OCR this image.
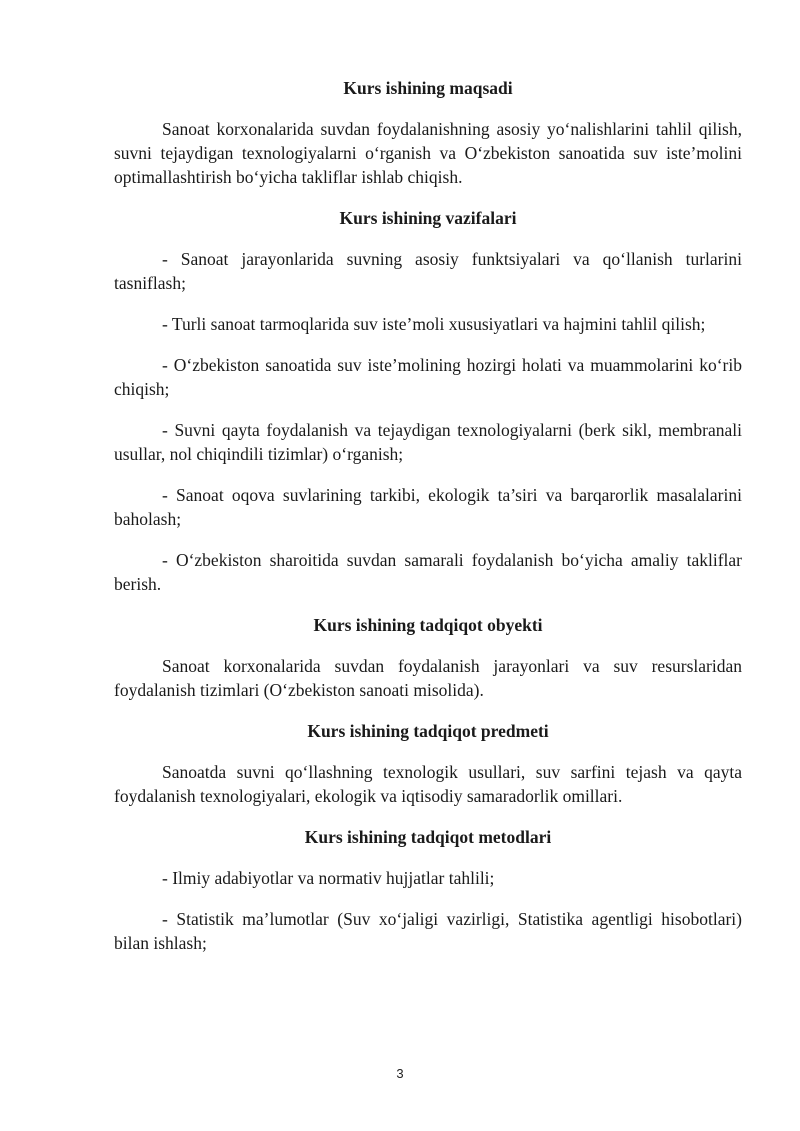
Kurs ishining maqsadi

Sanoat korxonalarida suvdan foydalanishning asosiy yo‘nalishlarini tahlil qilish, suvni tejaydigan texnologiyalarni o‘rganish va O‘zbekiston sanoatida suv iste’molini optimallashtirish bo‘yicha takliflar ishlab chiqish.

Kurs ishining vazifalari

- Sanoat jarayonlarida suvning asosiy funktsiyalari va qo‘llanish turlarini tasniflash;

- Turli sanoat tarmoqlarida suv iste’moli xususiyatlari va hajmini tahlil qilish;

- O‘zbekiston sanoatida suv iste’molining hozirgi holati va muammolarini ko‘rib chiqish;

- Suvni qayta foydalanish va tejaydigan texnologiyalarni (berk sikl, membranali usullar, nol chiqindili tizimlar) o‘rganish;

- Sanoat oqova suvlarining tarkibi, ekologik ta’siri va barqarorlik masalalarini baholash;

- O‘zbekiston sharoitida suvdan samarali foydalanish bo‘yicha amaliy takliflar berish.

Kurs ishining tadqiqot obyekti

Sanoat korxonalarida suvdan foydalanish jarayonlari va suv resurslaridan foydalanish tizimlari (O‘zbekiston sanoati misolida).

Kurs ishining tadqiqot predmeti

Sanoatda suvni qo‘llashning texnologik usullari, suv sarfini tejash va qayta foydalanish texnologiyalari, ekologik va iqtisodiy samaradorlik omillari.

Kurs ishining tadqiqot metodlari

- Ilmiy adabiyotlar va normativ hujjatlar tahlili;

- Statistik ma’lumotlar (Suv xo‘jaligi vazirligi, Statistika agentligi hisobotlari) bilan ishlash;

3
